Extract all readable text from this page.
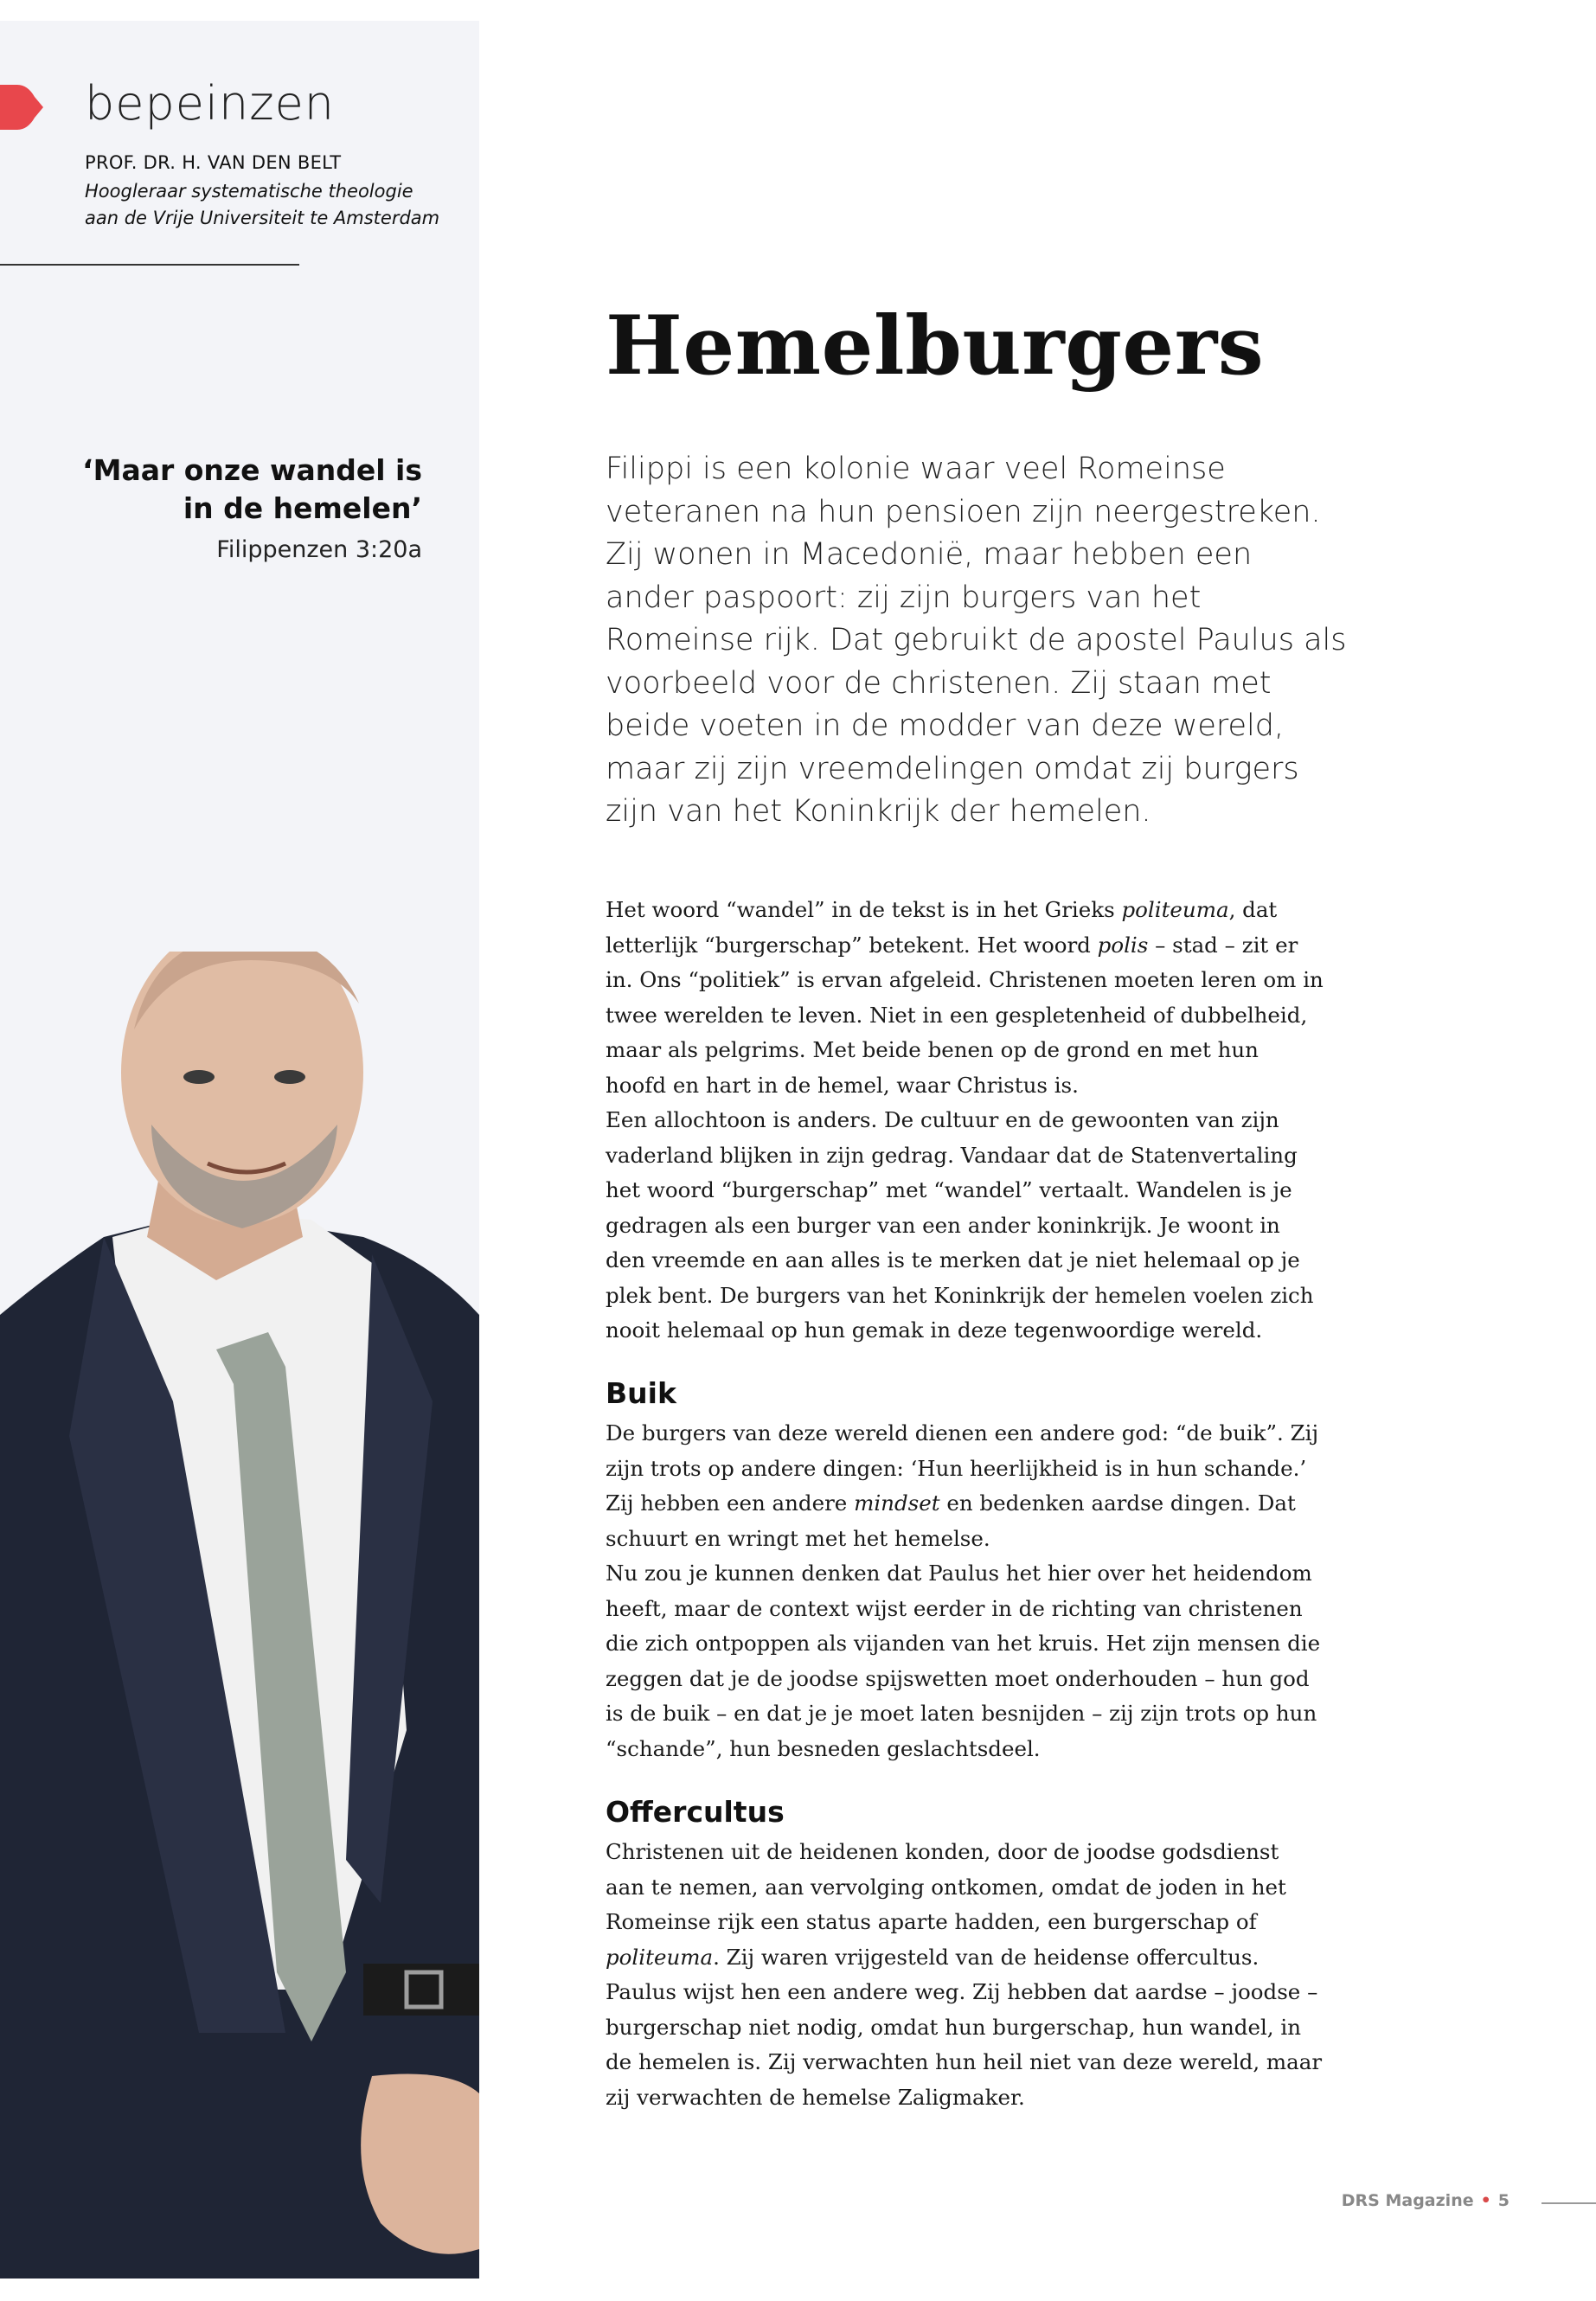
bepeinzen
PROF. DR. H. VAN DEN BELT
Hoogleraar systematische theologie
aan de Vrije Universiteit te Amsterdam
‘Maar onze wandel is
in de hemelen’
Filippenzen 3:20a
Hemelburgers
Filippi is een kolonie waar veel Romeinse veteranen na hun pensioen zijn neergestreken. Zij wonen in Macedonië, maar hebben een ander paspoort: zij zijn burgers van het Romeinse rijk. Dat gebruikt de apostel Paulus als voorbeeld voor de christenen. Zij staan met beide voeten in de modder van deze wereld, maar zij zijn vreemdelingen omdat zij burgers zijn van het Koninkrijk der hemelen.

Het woord “wandel” in de tekst is in het Grieks politeuma, dat letterlijk “burgerschap” betekent. Het woord polis – stad – zit er in. Ons “politiek” is ervan afgeleid. Christenen moeten leren om in twee werelden te leven. Niet in een gespletenheid of dubbelheid, maar als pelgrims. Met beide benen op de grond en met hun hoofd en hart in de hemel, waar Christus is.

Een allochtoon is anders. De cultuur en de gewoonten van zijn vaderland blijken in zijn gedrag. Vandaar dat de Statenvertaling het woord “burgerschap” met “wandel” vertaalt. Wandelen is je gedragen als een burger van een ander koninkrijk. Je woont in den vreemde en aan alles is te merken dat je niet helemaal op je plek bent. De burgers van het Koninkrijk der hemelen voelen zich nooit helemaal op hun gemak in deze tegenwoordige wereld.

Buik

De burgers van deze wereld dienen een andere god: “de buik”. Zij zijn trots op andere dingen: ‘Hun heerlijkheid is in hun schande.’ Zij hebben een andere mindset en bedenken aardse dingen. Dat schuurt en wringt met het hemelse.

Nu zou je kunnen denken dat Paulus het hier over het heidendom heeft, maar de context wijst eerder in de richting van christenen die zich ontpoppen als vijanden van het kruis. Het zijn mensen die zeggen dat je de joodse spijswetten moet onderhouden – hun god is de buik – en dat je je moet laten besnijden – zij zijn trots op hun “schande”, hun besneden geslachtsdeel.

Offercultus

Christenen uit de heidenen konden, door de joodse godsdienst aan te nemen, aan vervolging ontkomen, omdat de joden in het Romeinse rijk een status aparte hadden, een burgerschap of politeuma. Zij waren vrijgesteld van de heidense offercultus.

Paulus wijst hen een andere weg. Zij hebben dat aardse – joodse – burgerschap niet nodig, omdat hun burgerschap, hun wandel, in de hemelen is. Zij verwachten hun heil niet van deze wereld, maar zij verwachten de hemelse Zaligmaker.

DRS Magazine • 5
